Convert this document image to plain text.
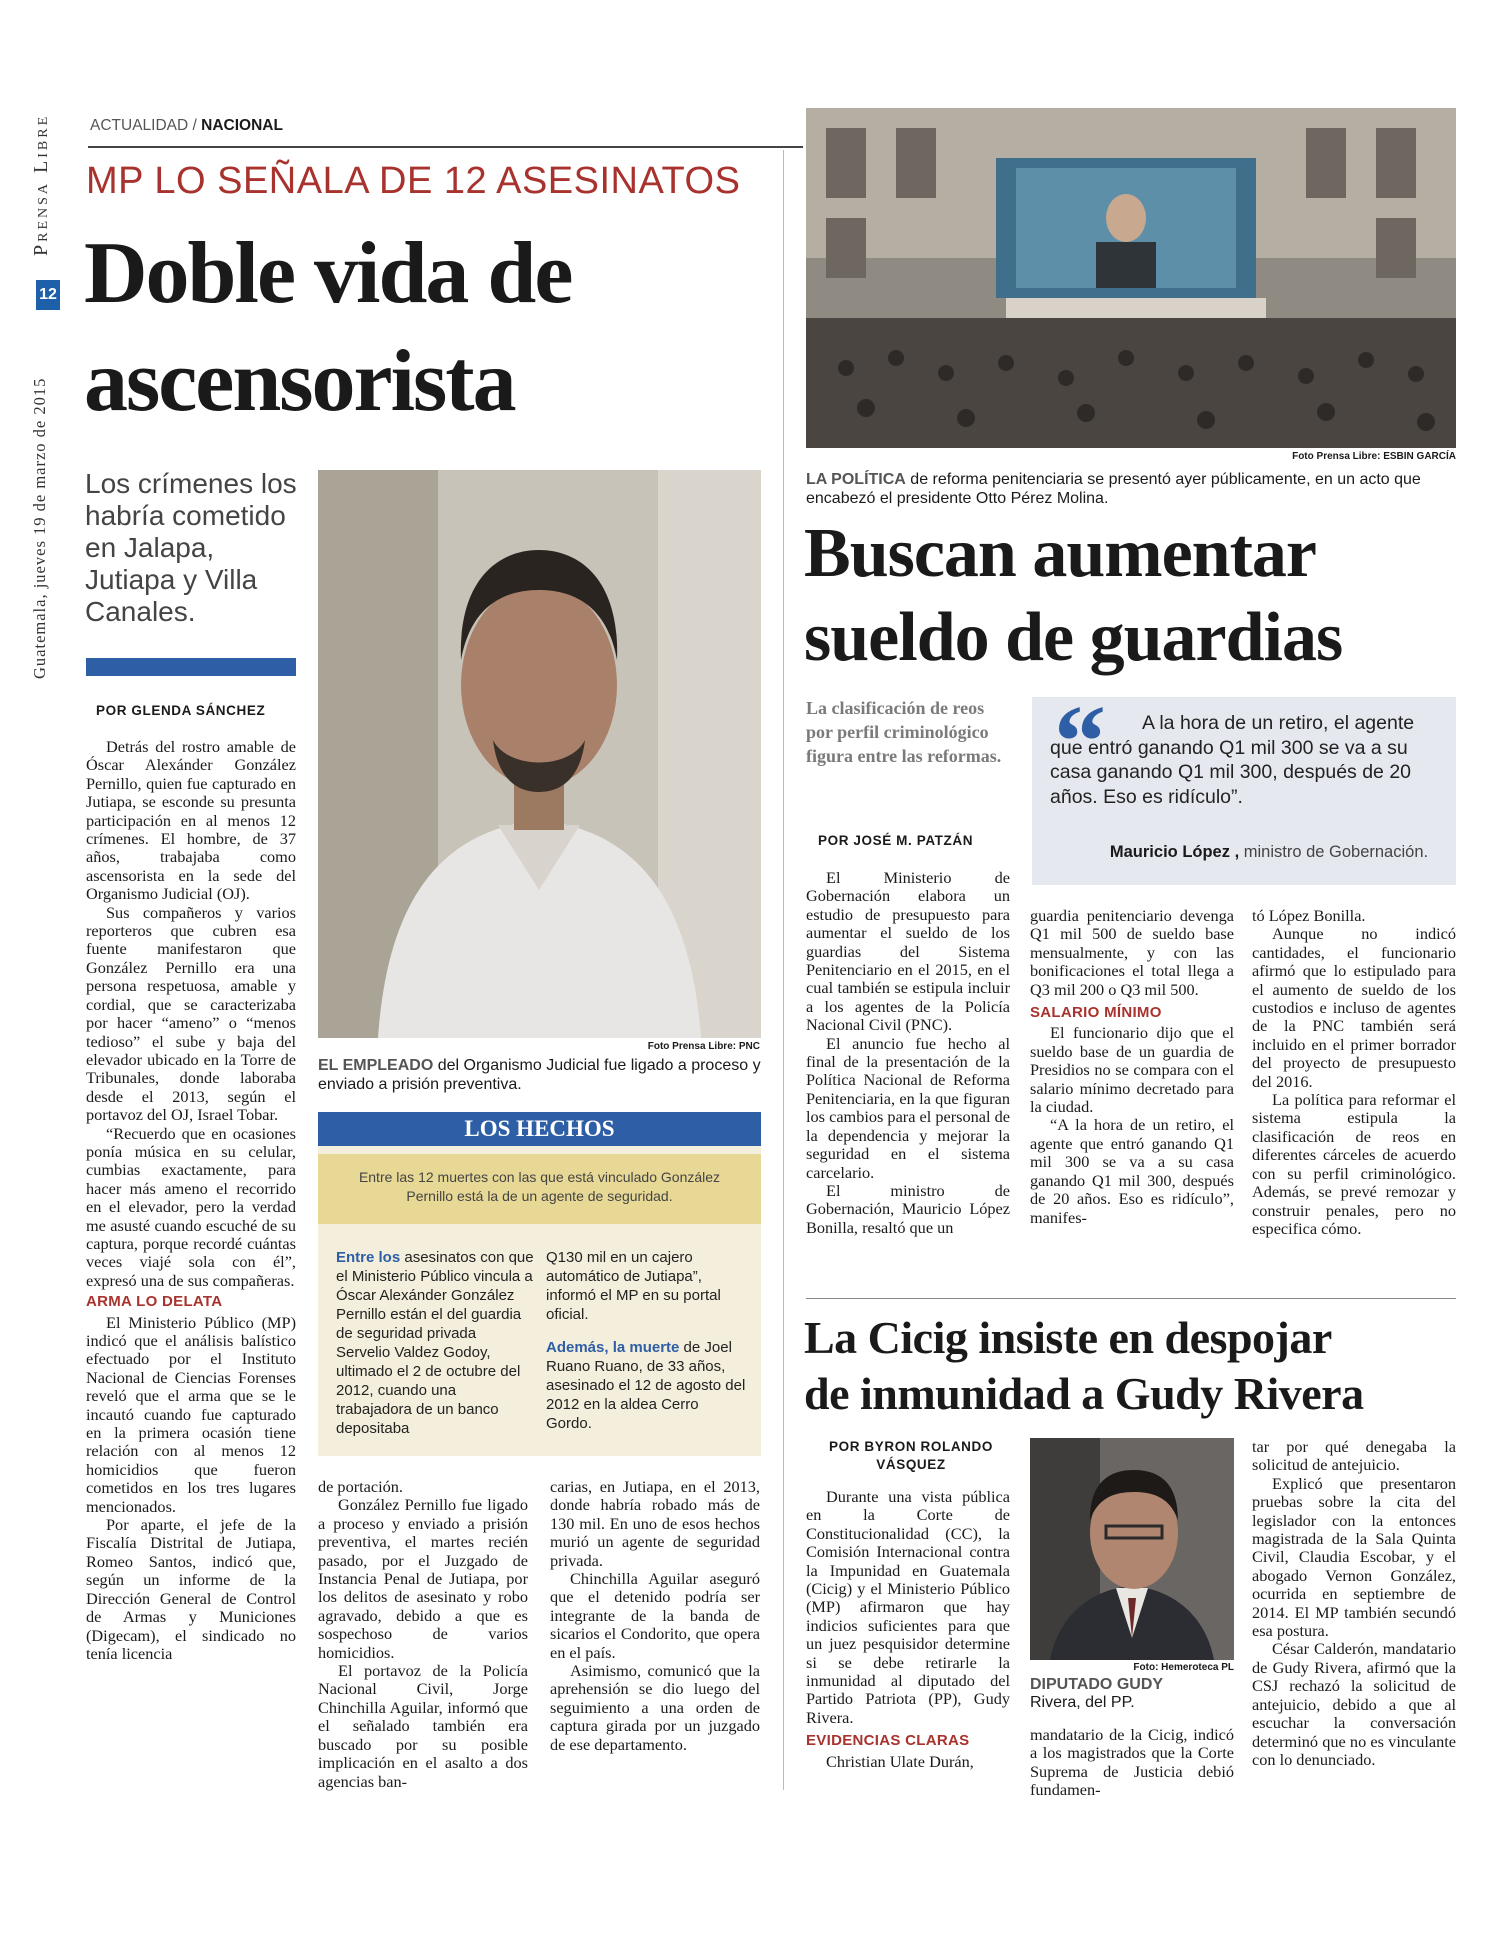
Prensa Libre
12
Guatemala, jueves 19 de marzo de 2015
ACTUALIDAD / NACIONAL
MP LO SEÑALA DE 12 ASESINATOS
Doble vida de
ascensorista
Los crímenes los habría cometido en Jalapa, Jutiapa y Villa Canales.
POR GLENDA SÁNCHEZ

Detrás del rostro amable de Óscar Alexánder González Pernillo, quien fue capturado en Jutiapa, se esconde su presunta participación en al menos 12 crímenes. El hombre, de 37 años, trabajaba como ascensorista en la sede del Organismo Judicial (OJ).

Sus compañeros y varios reporteros que cubren esa fuente manifestaron que González Pernillo era una persona respetuosa, amable y cordial, que se caracterizaba por hacer “ameno” o “menos tedioso” el sube y baja del elevador ubicado en la Torre de Tribunales, donde laboraba desde el 2013, según el portavoz del OJ, Israel Tobar.

“Recuerdo que en ocasiones ponía música en su celular, cumbias exactamente, para hacer más ameno el recorrido en el elevador, pero la verdad me asusté cuando escuché de su captura, porque recordé cuántas veces viajé sola con él”, expresó una de sus compañeras.

ARMA LO DELATA

El Ministerio Público (MP) indicó que el análisis balístico efectuado por el Instituto Nacional de Ciencias Forenses reveló que el arma que se le incautó cuando fue capturado en la primera ocasión tiene relación con al menos 12 homicidios que fueron cometidos en los tres lugares mencionados.

Por aparte, el jefe de la Fiscalía Distrital de Jutiapa, Romeo Santos, indicó que, según un informe de la Dirección General de Control de Armas y Municiones (Digecam), el sindicado no tenía licencia

Foto Prensa Libre: PNC
EL EMPLEADO del Organismo Judicial fue ligado a proceso y enviado a prisión preventiva.
LOS HECHOS
Entre las 12 muertes con las que está vinculado González Pernillo está la de un agente de seguridad.
Entre los asesinatos con que el Ministerio Público vincula a Óscar Alexánder González Pernillo están el del guardia de seguridad privada Servelio Valdez Godoy, ultimado el 2 de octubre del 2012, cuando una trabajadora de un banco depositaba
Q130 mil en un cajero automático de Jutiapa”, informó el MP en su portal oficial.
Además, la muerte de Joel Ruano Ruano, de 33 años, asesinado el 12 de agosto del 2012 en la aldea Cerro Gordo.

de portación.

González Pernillo fue ligado a proceso y enviado a prisión preventiva, el martes recién pasado, por el Juzgado de Instancia Penal de Jutiapa, por los delitos de asesinato y robo agravado, debido a que es sospechoso de varios homicidios.

El portavoz de la Policía Nacional Civil, Jorge Chinchilla Aguilar, informó que el señalado también era buscado por su posible implicación en el asalto a dos agencias ban-

carias, en Jutiapa, en el 2013, donde habría robado más de 130 mil. En uno de esos hechos murió un agente de seguridad privada.

Chinchilla Aguilar aseguró que el detenido podría ser integrante de la banda de sicarios el Condorito, que opera en el país.

Asimismo, comunicó que la aprehensión se dio luego del seguimiento a una orden de captura girada por un juzgado de ese departamento.

Foto Prensa Libre: ESBIN GARCÍA
LA POLÍTICA de reforma penitenciaria se presentó ayer públicamente, en un acto que encabezó el presidente Otto Pérez Molina.
Buscan aumentar
sueldo de guardias
La clasificación de reos por perfil criminológico figura entre las reformas.
POR JOSÉ M. PATZÁN
“	A la hora de un retiro, el agente que entró ganando Q1 mil 300 se va a su casa ganando Q1 mil 300, después de 20 años. Eso es ridículo”.
Mauricio López , ministro de Gobernación.

El Ministerio de Gobernación elabora un estudio de presupuesto para aumentar el sueldo de los guardias del Sistema Penitenciario en el 2015, en el cual también se estipula incluir a los agentes de la Policía Nacional Civil (PNC).

El anuncio fue hecho al final de la presentación de la Política Nacional de Reforma Penitenciaria, en la que figuran los cambios para el personal de la dependencia y mejorar la seguridad en el sistema carcelario.

El ministro de Gobernación, Mauricio López Bonilla, resaltó que un

guardia penitenciario devenga Q1 mil 500 de sueldo base mensualmente, y con las bonificaciones el total llega a Q3 mil 200 o Q3 mil 500.

SALARIO MÍNIMO

El funcionario dijo que el sueldo base de un guardia de Presidios no se compara con el salario mínimo decretado para la ciudad.

“A la hora de un retiro, el agente que entró ganando Q1 mil 300 se va a su casa ganando Q1 mil 300, después de 20 años. Eso es ridículo”, manifes-

tó López Bonilla.

Aunque no indicó cantidades, el funcionario afirmó que lo estipulado para el aumento de sueldo de los custodios e incluso de agentes de la PNC también será incluido en el primer borrador del proyecto de presupuesto del 2016.

La política para reformar el sistema estipula la clasificación de reos en diferentes cárceles de acuerdo con su perfil criminológico. Además, se prevé remozar y construir penales, pero no especifica cómo.

La Cicig insiste en despojar
de inmunidad a Gudy Rivera
POR BYRON ROLANDO VÁSQUEZ

Durante una vista pública en la Corte de Constitucionalidad (CC), la Comisión Internacional contra la Impunidad en Guatemala (Cicig) y el Ministerio Público (MP) afirmaron que hay indicios suficientes para que un juez pesquisidor determine si se debe retirarle la inmunidad al diputado del Partido Patriota (PP), Gudy Rivera.

EVIDENCIAS CLARAS

Christian Ulate Durán,

Foto: Hemeroteca PL
DIPUTADO GUDY
Rivera, del PP.

mandatario de la Cicig, indicó a los magistrados que la Corte Suprema de Justicia debió fundamen-

tar por qué denegaba la solicitud de antejuicio.

Explicó que presentaron pruebas sobre la cita del legislador con la entonces magistrada de la Sala Quinta Civil, Claudia Escobar, y el abogado Vernon González, ocurrida en septiembre de 2014. El MP también secundó esa postura.

César Calderón, mandatario de Gudy Rivera, afirmó que la CSJ rechazó la solicitud de antejuicio, debido a que al escuchar la conversación determinó que no es vinculante con lo denunciado.
